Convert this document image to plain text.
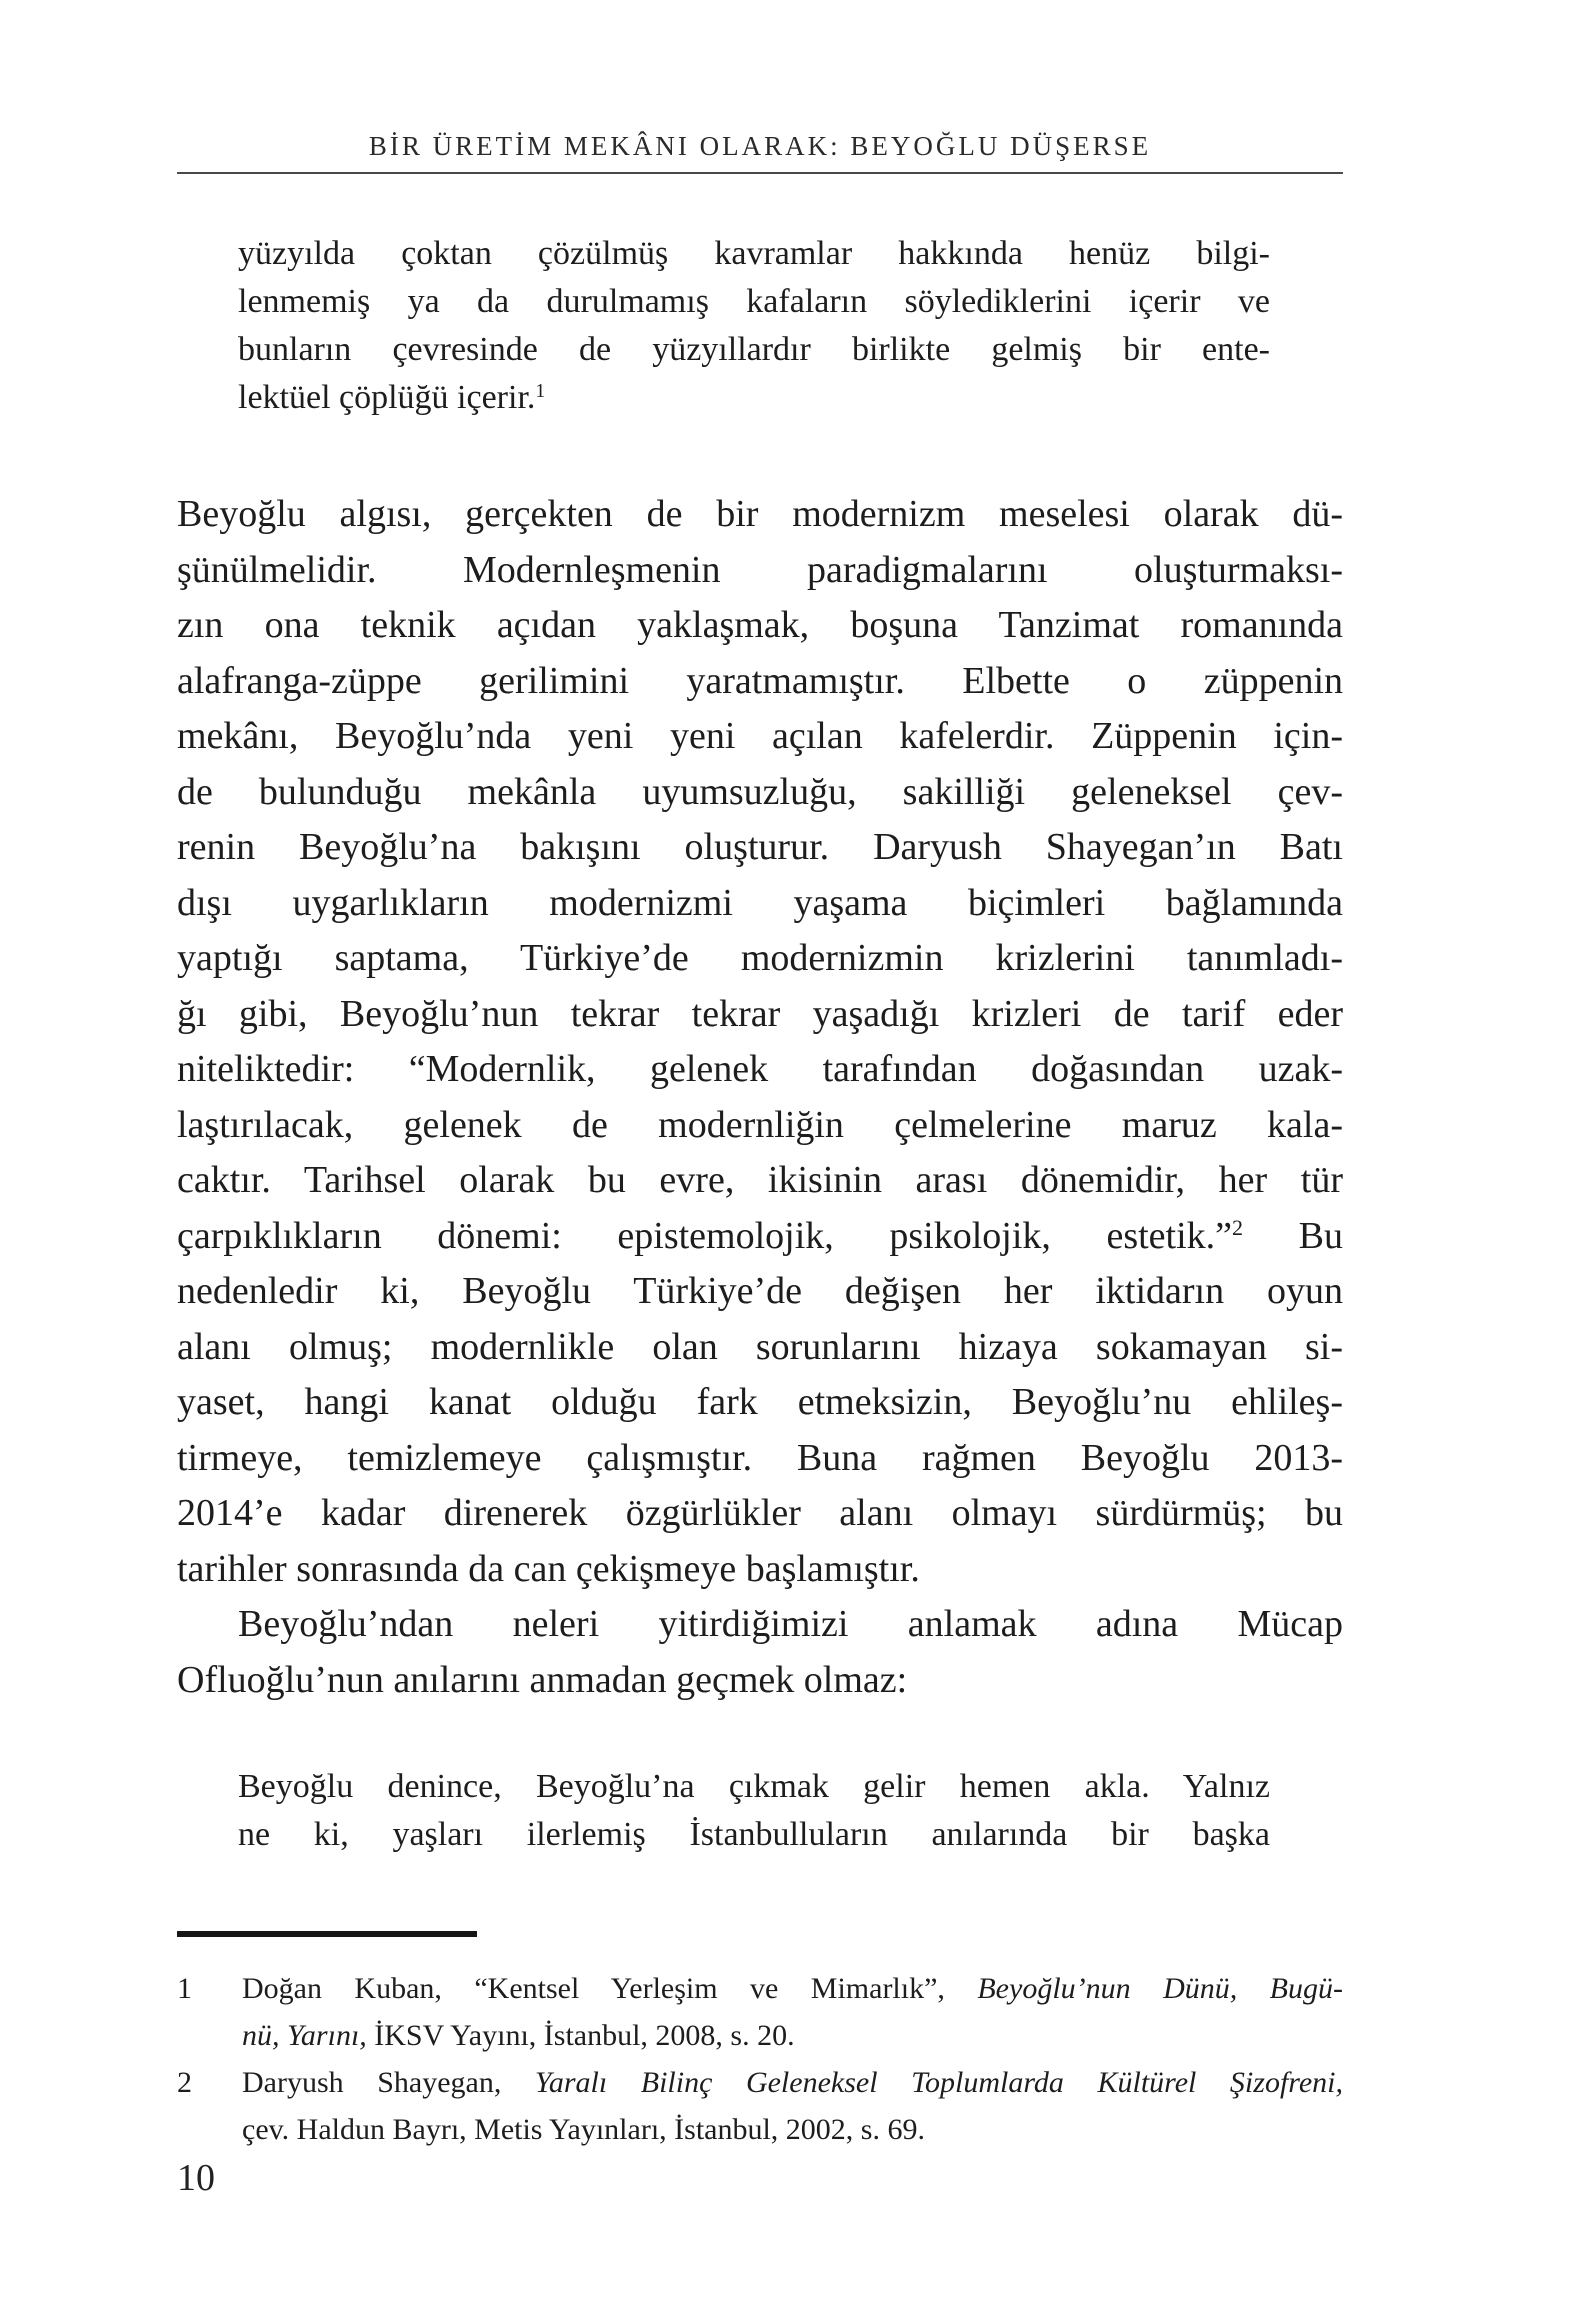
BİR ÜRETİM MEKÂNI OLARAK: BEYOĞLU DÜŞERSE
yüzyılda çoktan çözülmüş kavramlar hakkında henüz bilgi-
lenmemiş ya da durulmamış kafaların söylediklerini içerir ve
bunların çevresinde de yüzyıllardır birlikte gelmiş bir ente-
lektüel çöplüğü içerir.$^1$
Beyoğlu algısı, gerçekten de bir modernizm meselesi olarak dü-
şünülmelidir. Modernleşmenin paradigmalarını oluşturmaksı-
zın ona teknik açıdan yaklaşmak, boşuna Tanzimat romanında
alafranga-züppe gerilimini yaratmamıştır. Elbette o züppenin
mekânı, Beyoğlu’nda yeni yeni açılan kafelerdir. Züppenin için-
de bulunduğu mekânla uyumsuzluğu, sakilliği geleneksel çev-
renin Beyoğlu’na bakışını oluşturur. Daryush Shayegan’ın Batı
dışı uygarlıkların modernizmi yaşama biçimleri bağlamında
yaptığı saptama, Türkiye’de modernizmin krizlerini tanımladı-
ğı gibi, Beyoğlu’nun tekrar tekrar yaşadığı krizleri de tarif eder
niteliktedir: “Modernlik, gelenek tarafından doğasından uzak-
laştırılacak, gelenek de modernliğin çelmelerine maruz kala-
caktır. Tarihsel olarak bu evre, ikisinin arası dönemidir, her tür
çarpıklıkların dönemi: epistemolojik, psikolojik, estetik.”$^2$ Bu
nedenledir ki, Beyoğlu Türkiye’de değişen her iktidarın oyun
alanı olmuş; modernlikle olan sorunlarını hizaya sokamayan si-
yaset, hangi kanat olduğu fark etmeksizin, Beyoğlu’nu ehlileş-
tirmeye, temizlemeye çalışmıştır. Buna rağmen Beyoğlu 2013-
2014’e kadar direnerek özgürlükler alanı olmayı sürdürmüş; bu
tarihler sonrasında da can çekişmeye başlamıştır.
Beyoğlu’ndan neleri yitirdiğimizi anlamak adına Mücap
Ofluoğlu’nun anılarını anmadan geçmek olmaz:
Beyoğlu denince, Beyoğlu’na çıkmak gelir hemen akla. Yalnız
ne ki, yaşları ilerlemiş İstanbulluların anılarında bir başka
1	Doğan Kuban, “Kentsel Yerleşim ve Mimarlık”, Beyoğlu’nun Dünü, Bugü-
nü, Yarını, İKSV Yayını, İstanbul, 2008, s. 20.
2	Daryush Shayegan, Yaralı Bilinç Geleneksel Toplumlarda Kültürel Şizofreni,
çev. Haldun Bayrı, Metis Yayınları, İstanbul, 2002, s. 69.
10
